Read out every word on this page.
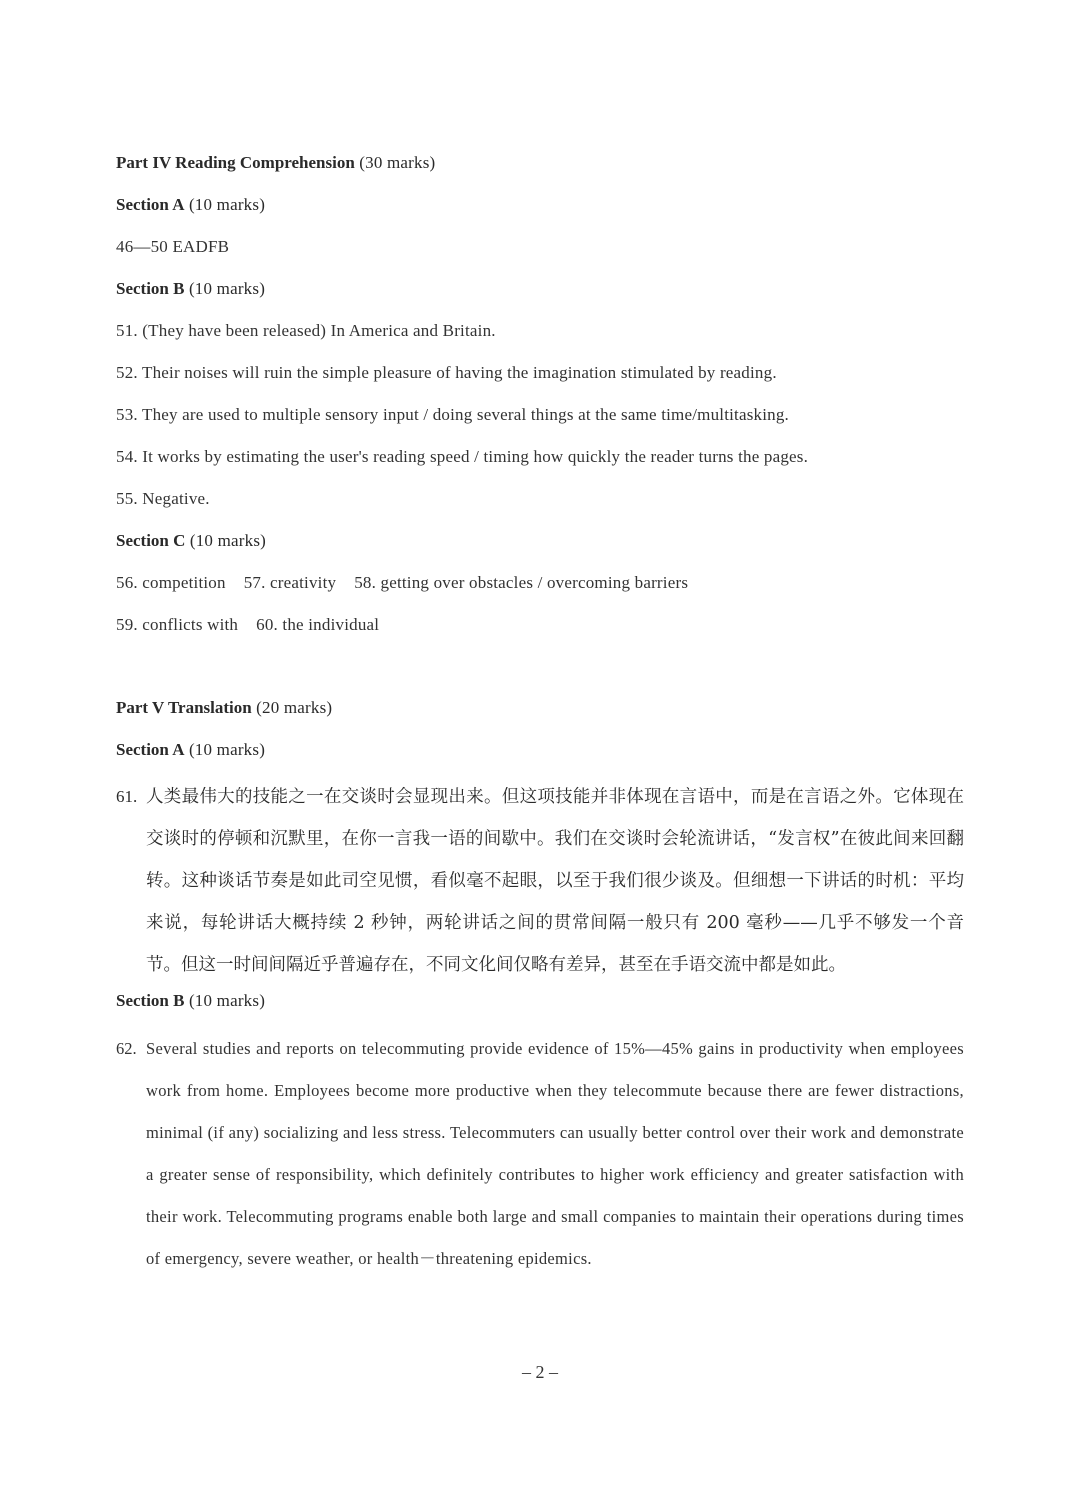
Part IV Reading Comprehension (30 marks)
Section A (10 marks)
46—50 EADFB
Section B (10 marks)
51. (They have been released) In America and Britain.
52. Their noises will ruin the simple pleasure of having the imagination stimulated by reading.
53. They are used to multiple sensory input / doing several things at the same time/multitasking.
54. It works by estimating the user's reading speed / timing how quickly the reader turns the pages.
55. Negative.
Section C (10 marks)
56. competition 57. creativity 58. getting over obstacles / overcoming barriers
59. conflicts with 60. the individual
Part V Translation (20 marks)
Section A (10 marks)
61. 人类最伟大的技能之一在交谈时会显现出来。但这项技能并非体现在言语中，而是在言语之外。它体现在交谈时的停顿和沉默里，在你一言我一语的间歇中。我们在交谈时会轮流讲话，“发言权”在彼此间来回翻转。这种谈话节奏是如此司空见惯，看似毫不起眼，以至于我们很少谈及。但细想一下讲话的时机：平均来说，每轮讲话大概持续 2 秒钟，两轮讲话之间的贯常间隔一般只有 200 毫秒——几乎不够发一个音节。但这一时间间隔近乎普遍存在，不同文化间仅略有差异，甚至在手语交流中都是如此。
Section B (10 marks)
62. Several studies and reports on telecommuting provide evidence of 15%—45% gains in productivity when employees work from home. Employees become more productive when they telecommute because there are fewer distractions, minimal (if any) socializing and less stress. Telecommuters can usually better control over their work and demonstrate a greater sense of responsibility, which definitely contributes to higher work efficiency and greater satisfaction with their work. Telecommuting programs enable both large and small companies to maintain their operations during times of emergency, severe weather, or health－threatening epidemics.
– 2 –
